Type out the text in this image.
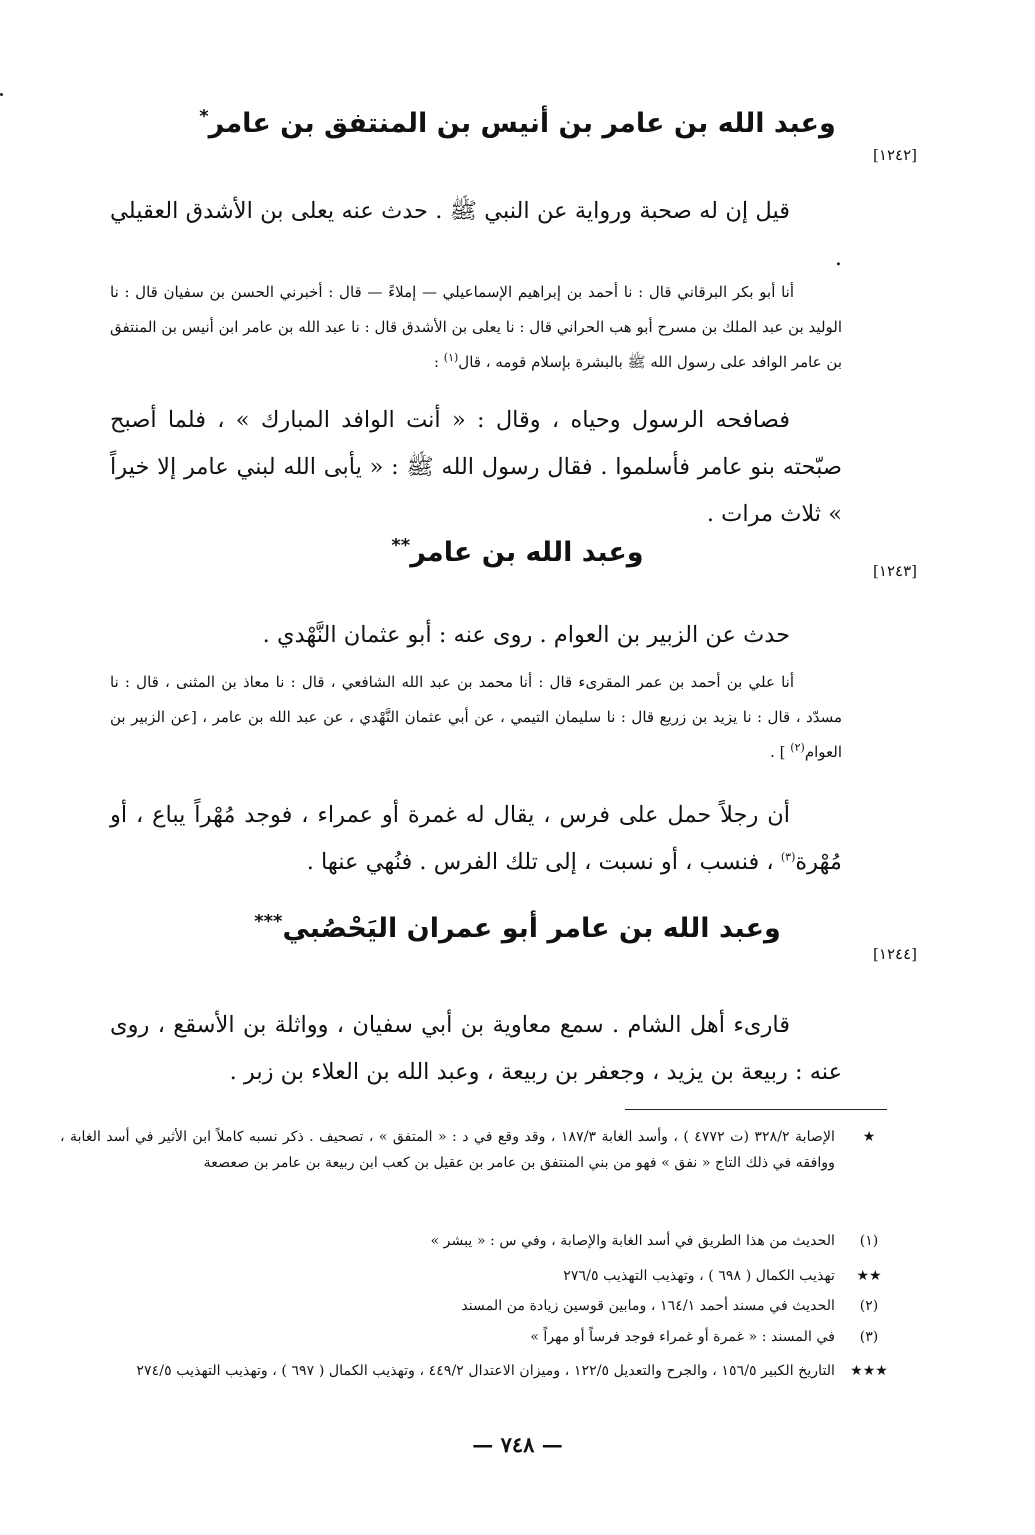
[١٢٤٢]
وعبد الله بن عامر بن أنيس بن المنتفق بن عامر*
قيل إن له صحبة ورواية عن النبي ﷺ . حدث عنه يعلى بن الأشدق العقيلي .
أنا أبو بكر البرقاني قال : نا أحمد بن إبراهيم الإسماعيلي — إملاءً — قال : أخبرني الحسن بن سفيان قال : نا الوليد بن عبد الملك بن مسرح أبو هب الحراني قال : نا يعلى بن الأشدق قال : نا عبد الله بن عامر ابن أنيس بن المنتفق بن عامر الوافد على رسول الله ﷺ بالبشرة بإسلام قومه ، قال$^{(١)}$ :
فصافحه الرسول وحياه ، وقال : « أنت الوافد المبارك » ، فلما أصبح صبّحته بنو عامر فأسلموا . فقال رسول الله ﷺ : « يأبى الله لبني عامر إلا خيراً » ثلاث مرات .
[١٢٤٣]
وعبد الله بن عامر**
حدث عن الزبير بن العوام . روى عنه : أبو عثمان النَّهْدي .
أنا علي بن أحمد بن عمر المقرىء قال : أنا محمد بن عبد الله الشافعي ، قال : نا معاذ بن المثنى ، قال : نا مسدّد ، قال : نا يزيد بن زريع قال : نا سليمان التيمي ، عن أبي عثمان النَّهْدي ، عن عبد الله بن عامر ، [عن الزبير بن العوام$^{(٢)}$ ] .
أن رجلاً حمل على فرس ، يقال له غمرة أو عمراء ، فوجد مُهْراً يباع ، أو مُهْرة$^{(٣)}$ ، فنسب ، أو نسبت ، إلى تلك الفرس . فنُهي عنها .
[١٢٤٤]
وعبد الله بن عامر أبو عمران اليَحْصُبي***
قارىء أهل الشام . سمع معاوية بن أبي سفيان ، وواثلة بن الأسقع ، روى عنه : ربيعة بن يزيد ، وجعفر بن ربيعة ، وعبد الله بن العلاء بن زبر .
★
الإصابة ٣٢٨/٢ (ت ٤٧٧٢ ) ، وأسد الغابة ١٨٧/٣ ، وقد وقع في د : « المتفق » ، تصحيف . ذكر نسبه كاملاً ابن الأثير في أسد الغابة ، ووافقه في ذلك التاج « نفق » فهو من بني المنتفق بن عامر بن عقيل بن كعب ابن ربيعة بن عامر بن صعصعة
(١)
الحديث من هذا الطريق في أسد الغابة والإصابة ، وفي س : « يبشر »
★★
تهذيب الكمال ( ٦٩٨ ) ، وتهذيب التهذيب ٢٧٦/٥
(٢)
الحديث في مسند أحمد ١٦٤/١ ، ومابين قوسين زيادة من المسند
(٣)
في المسند : « غمرة أو غمراء فوجد فرساً أو مهراً »
★★★
التاريخ الكبير ١٥٦/٥ ، والجرح والتعديل ١٢٢/٥ ، وميزان الاعتدال ٤٤٩/٢ ، وتهذيب الكمال ( ٦٩٧ ) ، وتهذيب التهذيب ٢٧٤/٥
— ٧٤٨ —
